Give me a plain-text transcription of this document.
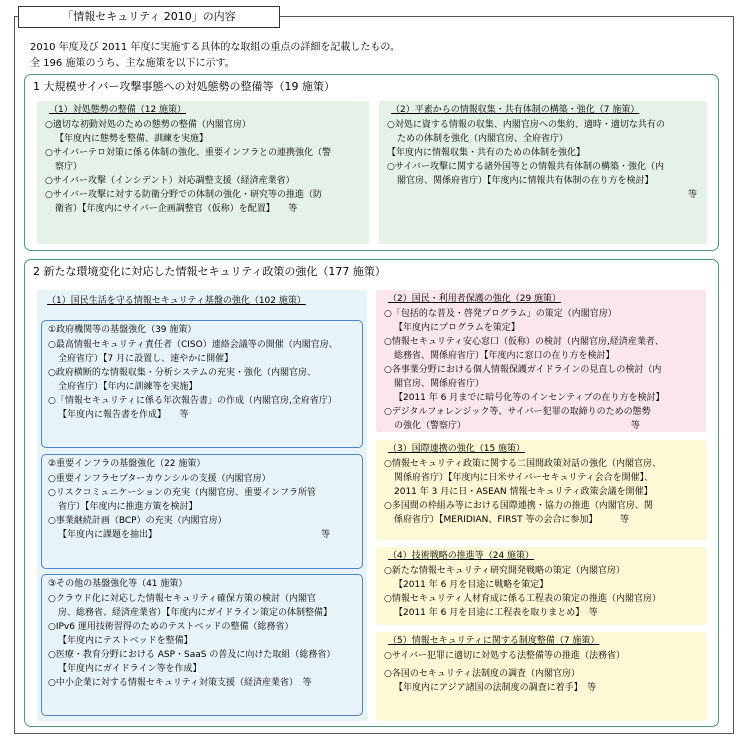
「情報セキュリティ 2010」の内容
2010 年度及び 2011 年度に実施する具体的な取組の重点の詳細を記載したもの。
全 196 施策のうち、主な施策を以下に示す。
1 大規模サイバー攻撃事態への対処態勢の整備等（19 施策）
（1）対処態勢の整備（12 施策）
○適切な初動対処のための態勢の整備（内閣官房）
【年度内に態勢を整備、訓練を実施】
○サイバーテロ対策に係る体制の強化、重要インフラとの連携強化（警
察庁）
○サイバー攻撃（インシデント）対応調整支援（経済産業省）
○サイバー攻撃に対する防衛分野での体制の強化・研究等の推進（防
衛省）【年度内にサイバー企画調整官（仮称）を配置】　　等
（2）平素からの情報収集・共有体制の構築・強化（7 施策）
○対処に資する情報の収集、内閣官房への集約、適時・適切な共有の
ための体制を強化（内閣官房、全府省庁）
【年度内に情報収集・共有のための体制を強化】
○サイバー攻撃に関する諸外国等との情報共有体制の構築・強化（内
閣官房、関係府省庁）【年度内に情報共有体制の在り方を検討】
等
2 新たな環境変化に対応した情報セキュリティ政策の強化（177 施策）
（1）国民生活を守る情報セキュリティ基盤の強化（102 施策）
①政府機関等の基盤強化（39 施策）
○最高情報セキュリティ責任者（CISO）連絡会議等の開催（内閣官房、
全府省庁）【7 月に設置し、速やかに開催】
○政府横断的な情報収集・分析システムの充実・強化（内閣官房、
全府省庁）【年内に訓練等を実施】
○「情報セキュリティに係る年次報告書」の作成（内閣官房,全府省庁）
【年度内に報告書を作成】　　等
②重要インフラの基盤強化（22 施策）
○重要インフラセプターカウンシルの支援（内閣官房）
○リスクコミュニケーションの充実（内閣官房、重要インフラ所管
省庁）【年度内に推進方策を検討】
○事業継続計画（BCP）の充実（内閣官房）
【年度内に課題を抽出】	等
③その他の基盤強化等（41 施策）
○クラウド化に対応した情報セキュリティ確保方策の検討（内閣官
房、総務省、経済産業省）【年度内にガイドライン策定の体制整備】
○IPv6 運用技術習得のためのテストベッドの整備（総務省）
【年度内にテストベッドを整備】
○医療・教育分野における ASP・SaaS の普及に向けた取組（総務省）
【年度内にガイドライン等を作成】
○中小企業に対する情報セキュリティ対策支援（経済産業省）　等
（2）国民・利用者保護の強化（29 施策）
○「包括的な普及・啓発プログラム」の策定（内閣官房）
【年度内にプログラムを策定】
○情報セキュリティ安心窓口（仮称）の検討（内閣官房,経済産業者、
総務省、関係府省庁）【年度内に窓口の在り方を検討】
○各事業分野における個人情報保護ガイドラインの見直しの検討（内
閣官房、関係府省庁）
【2011 年 6 月までに暗号化等のインセンティブの在り方を検討】
○デジタルフォレンジック等、サイバー犯罪の取締りのための態勢
の強化（警察庁）	等
（3）国際連携の強化（15 施策）
○情報セキュリティ政策に関する二国間政策対話の強化（内閣官房、
関係府省庁）【年度内に日米サイバーセキュリティ会合を開催】、
2011 年 3 月に日・ASEAN 情報セキュリティ政策会議を開催】
○多国間の枠組み等における国際連携・協力の推進（内閣官房、関
係府省庁）【MERIDIAN、FIRST 等の会合に参加】　　　等
（4）技術戦略の推進等（24 施策）
○新たな情報セキュリティ研究開発戦略の策定（内閣官房）
【2011 年 6 月を目途に戦略を策定】
○情報セキュリティ人材育成に係る工程表の策定の推進（内閣官房）
【2011 年 6 月を目途に工程表を取りまとめ】　等
（5）情報セキュリティに関する制度整備（7 施策）
○サイバー犯罪に適切に対処する法整備等の推進（法務省）
○各国のセキュリティ法制度の調査（内閣官房）
【年度内にアジア諸国の法制度の調査に着手】　等
